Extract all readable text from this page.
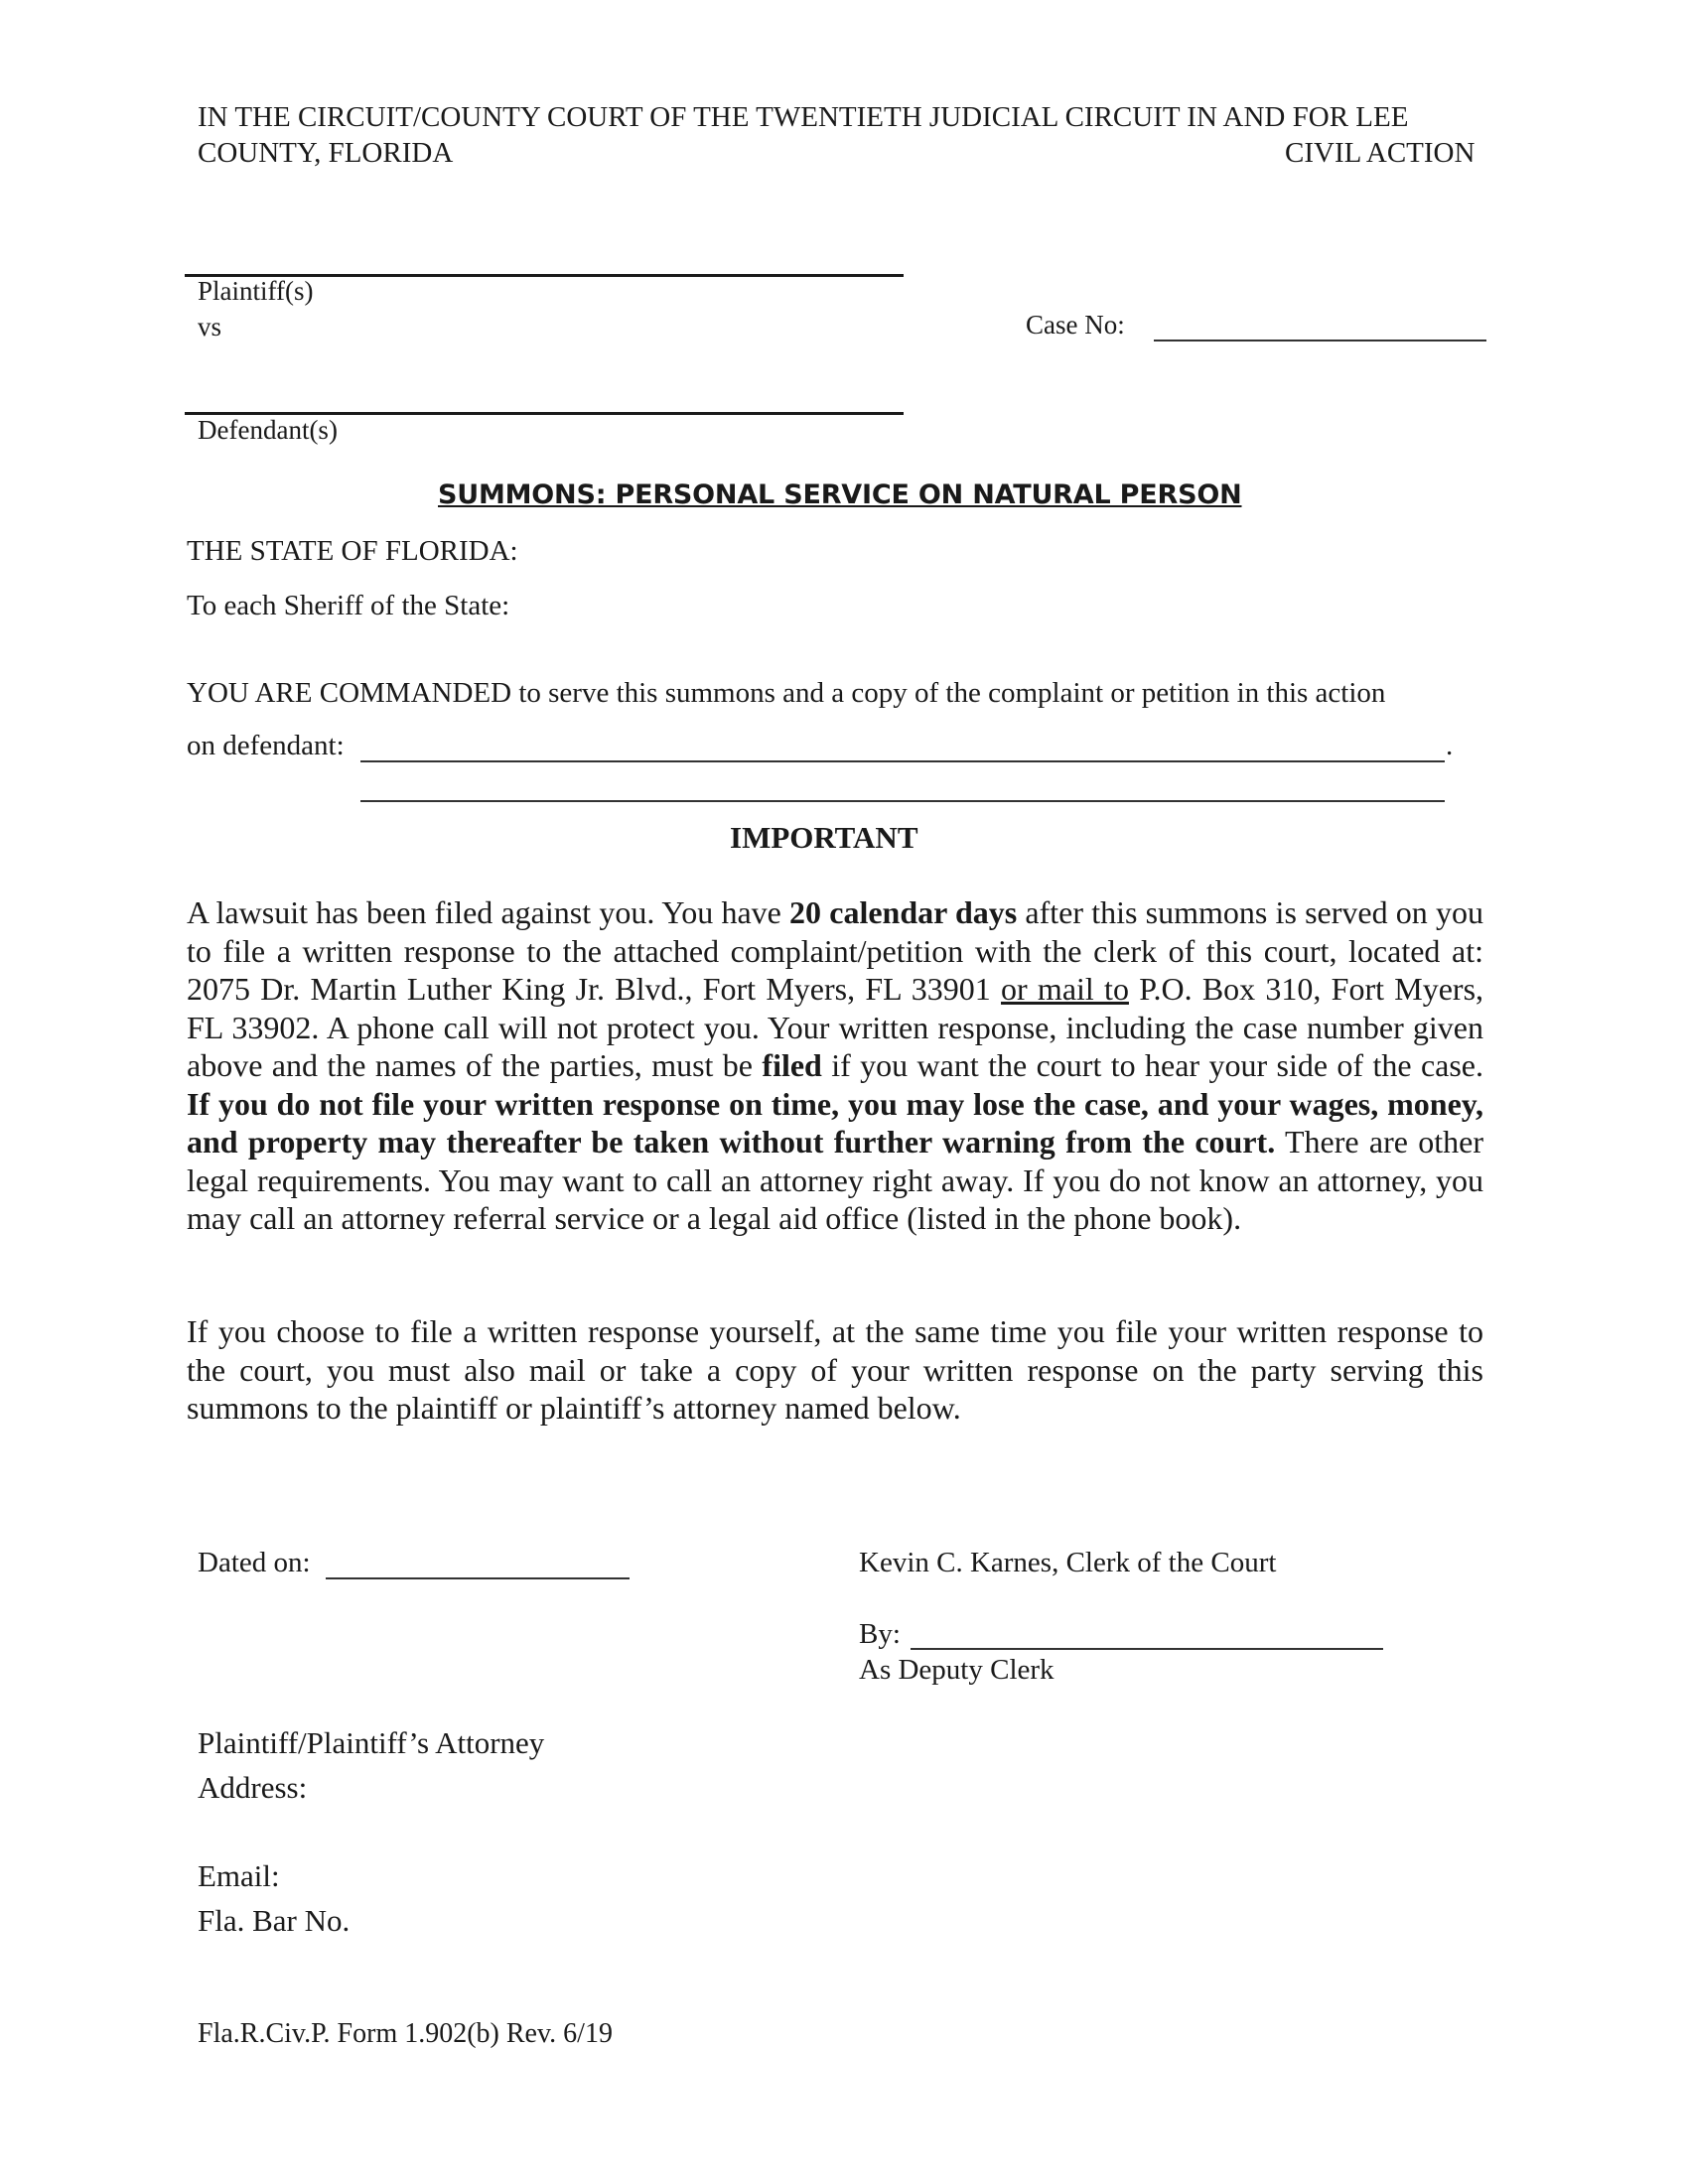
IN THE CIRCUIT/COUNTY COURT OF THE TWENTIETH JUDICIAL CIRCUIT IN AND FOR LEE
COUNTY, FLORIDA	CIVIL ACTION
Plaintiff(s)
vs	Case No:
Defendant(s)
SUMMONS: PERSONAL SERVICE ON NATURAL PERSON
THE STATE OF FLORIDA:
To each Sheriff of the State:
YOU ARE COMMANDED to serve this summons and a copy of the complaint or petition in this action
on defendant:	.
IMPORTANT
A lawsuit has been filed against you. You have 20 calendar days after this summons is served on you to file a written response to the attached complaint/petition with the clerk of this court, located at: 2075 Dr. Martin Luther King Jr. Blvd., Fort Myers, FL 33901 or mail to P.O. Box 310, Fort Myers, FL 33902. A phone call will not protect you. Your written response, including the case number given above and the names of the parties, must be filed if you want the court to hear your side of the case. If you do not file your written response on time, you may lose the case, and your wages, money, and property may thereafter be taken without further warning from the court. There are other legal requirements. You may want to call an attorney right away. If you do not know an attorney, you may call an attorney referral service or a legal aid office (listed in the phone book).
If you choose to file a written response yourself, at the same time you file your written response to the court, you must also mail or take a copy of your written response on the party serving this summons to the plaintiff or plaintiff’s attorney named below.
Dated on:	Kevin C. Karnes, Clerk of the Court
By:
As Deputy Clerk
Plaintiff/Plaintiff’s Attorney
Address:
Email:
Fla. Bar No.
Fla.R.Civ.P. Form 1.902(b) Rev. 6/19
